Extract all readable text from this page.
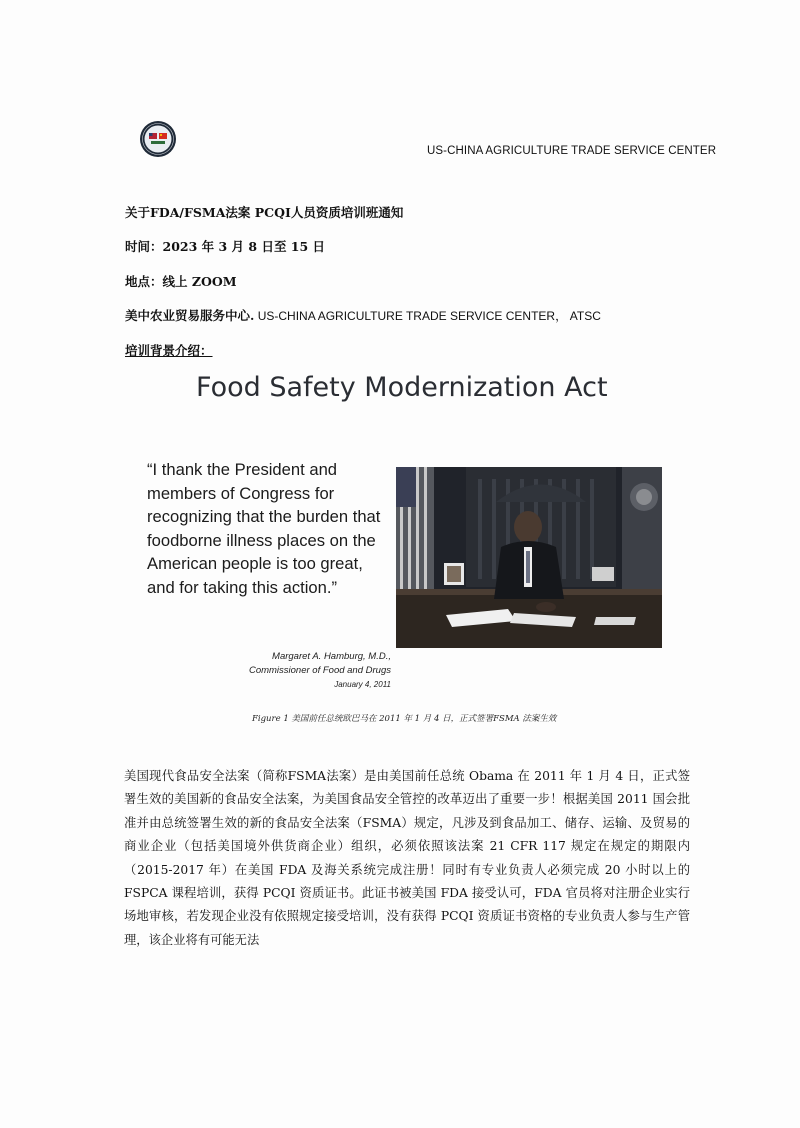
US-CHINA AGRICULTURE TRADE SERVICE CENTER
关于FDA/FSMA法案 PCQI人员资质培训班通知
时间：2023 年 3 月 8 日至 15 日
地点：线上 ZOOM
美中农业贸易服务中心. US-CHINA AGRICULTURE TRADE SERVICE CENTER， ATSC
培训背景介绍：
Food Safety Modernization Act
“I thank the President and members of Congress for recognizing that the burden that foodborne illness places on the American people is too great, and for taking this action.”
Margaret A. Hamburg, M.D.,
Commissioner of Food and Drugs
January 4, 2011
Figure 1 美国前任总统欧巴马在 2011 年 1 月 4 日，正式签署FSMA 法案生效
美国现代食品安全法案（简称FSMA法案）是由美国前任总统 Obama 在 2011 年 1 月 4 日，正式签署生效的美国新的食品安全法案，为美国食品安全管控的改革迈出了重要一步！根据美国 2011 国会批准并由总统签署生效的新的食品安全法案（FSMA）规定，凡涉及到食品加工、储存、运输、及贸易的商业企业（包括美国境外供货商企业）组织，必须依照该法案 21 CFR 117 规定在规定的期限内（2015-2017 年）在美国 FDA 及海关系统完成注册！同时有专业负责人必须完成 20 小时以上的 FSPCA 课程培训，获得 PCQI 资质证书。此证书被美国 FDA 接受认可，FDA 官员将对注册企业实行场地审核，若发现企业没有依照规定接受培训，没有获得 PCQI 资质证书资格的专业负责人参与生产管理，该企业将有可能无法
